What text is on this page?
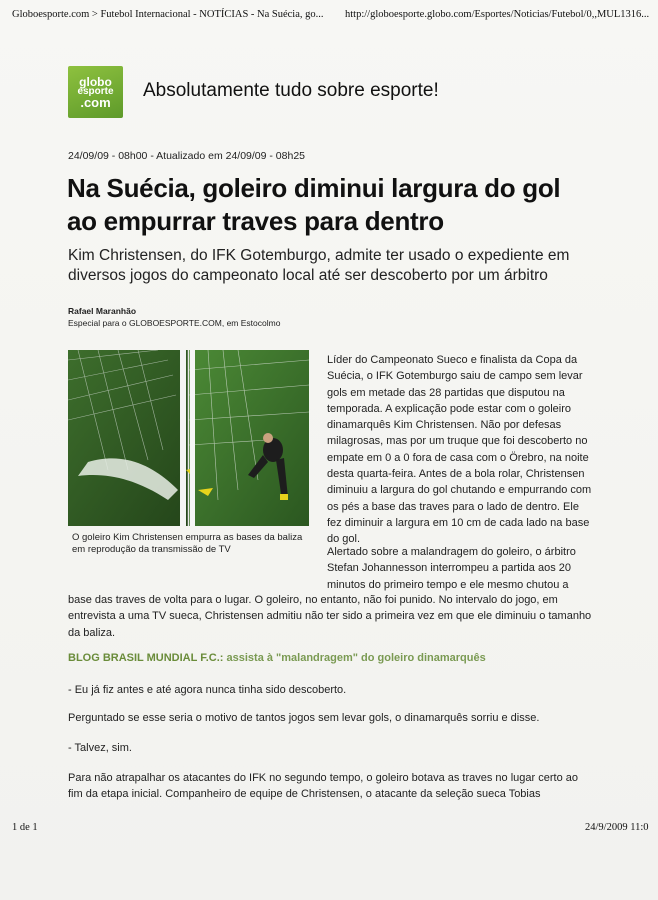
Globoesporte.com > Futebol Internacional - NOTÍCIAS - Na Suécia, go... http://globoesporte.globo.com/Esportes/Noticias/Futebol/0,,MUL1316...
globo
esporte
.com
Absolutamente tudo sobre esporte!
24/09/09 - 08h00 - Atualizado em 24/09/09 - 08h25
Na Suécia, goleiro diminui largura do gol ao empurrar traves para dentro
Kim Christensen, do IFK Gotemburgo, admite ter usado o expediente em diversos jogos do campeonato local até ser descoberto por um árbitro
Rafael Maranhão
Especial para o GLOBOESPORTE.COM, em Estocolmo
O goleiro Kim Christensen empurra as bases da baliza em reprodução da transmissão de TV
Líder do Campeonato Sueco e finalista da Copa da Suécia, o IFK Gotemburgo saiu de campo sem levar gols em metade das 28 partidas que disputou na temporada. A explicação pode estar com o goleiro dinamarquês Kim Christensen. Não por defesas milagrosas, mas por um truque que foi descoberto no empate em 0 a 0 fora de casa com o Örebro, na noite desta quarta-feira. Antes de a bola rolar, Christensen diminuiu a largura do gol chutando e empurrando com os pés a base das traves para o lado de dentro. Ele fez diminuir a largura em 10 cm de cada lado na base do gol.
Alertado sobre a malandragem do goleiro, o árbitro Stefan Johannesson interrompeu a partida aos 20 minutos do primeiro tempo e ele mesmo chutou a
base das traves de volta para o lugar. O goleiro, no entanto, não foi punido. No intervalo do jogo, em entrevista a uma TV sueca, Christensen admitiu não ter sido a primeira vez em que ele diminuiu o tamanho da baliza.
BLOG BRASIL MUNDIAL F.C.: assista à "malandragem" do goleiro dinamarquês
- Eu já fiz antes e até agora nunca tinha sido descoberto.
Perguntado se esse seria o motivo de tantos jogos sem levar gols, o dinamarquês sorriu e disse.
- Talvez, sim.
Para não atrapalhar os atacantes do IFK no segundo tempo, o goleiro botava as traves no lugar certo ao fim da etapa inicial. Companheiro de equipe de Christensen, o atacante da seleção sueca Tobias
1 de 1	24/9/2009 11:0
